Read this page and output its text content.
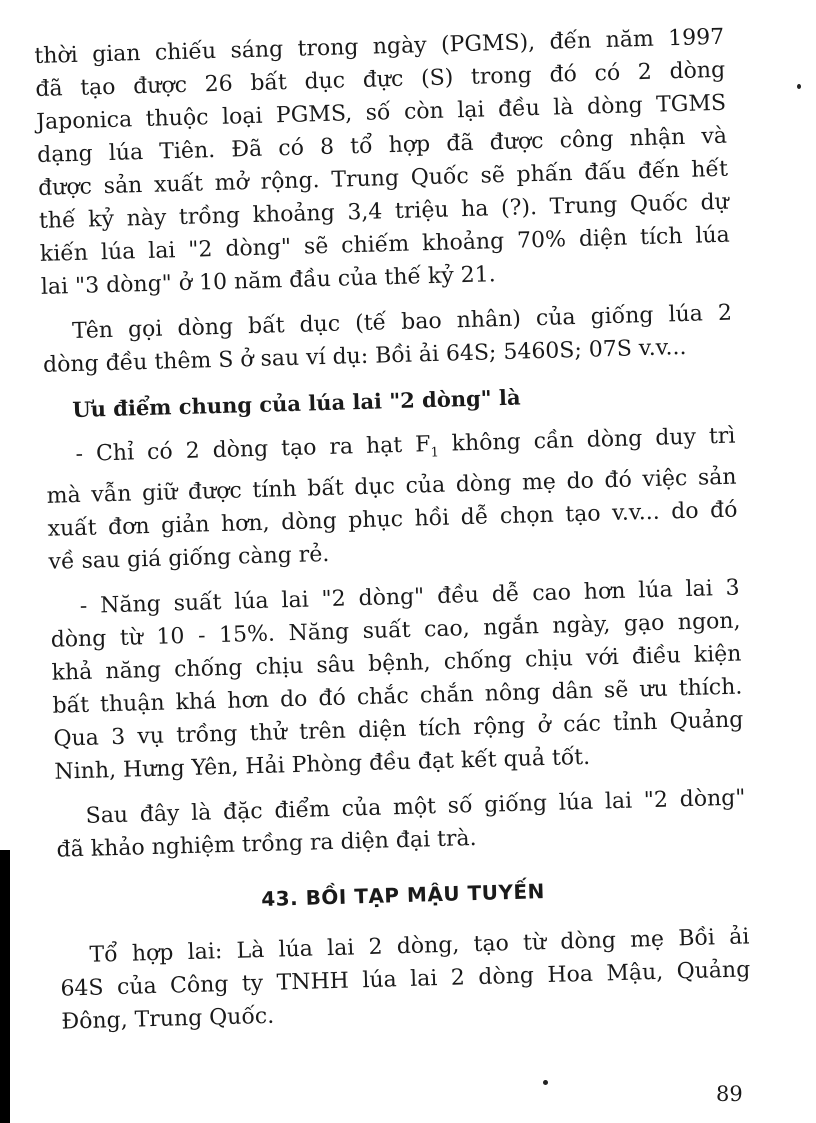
thời gian chiếu sáng trong ngày (PGMS), đến năm 1997
đã tạo được 26 bất dục đực (S) trong đó có 2 dòng
Japonica thuộc loại PGMS, số còn lại đều là dòng TGMS
dạng lúa Tiên. Đã có 8 tổ hợp đã được công nhận và
được sản xuất mở rộng. Trung Quốc sẽ phấn đấu đến hết
thế kỷ này trồng khoảng 3,4 triệu ha (?). Trung Quốc dự
kiến lúa lai "2 dòng" sẽ chiếm khoảng 70% diện tích lúa
lai "3 dòng" ở 10 năm đầu của thế kỷ 21.
Tên gọi dòng bất dục (tế bao nhân) của giống lúa 2
dòng đều thêm S ở sau ví dụ: Bồi ải 64S; 5460S; 07S v.v...
Ưu điểm chung của lúa lai "2 dòng" là
- Chỉ có 2 dòng tạo ra hạt $F_1$ không cần dòng duy trì
mà vẫn giữ được tính bất dục của dòng mẹ do đó việc sản
xuất đơn giản hơn, dòng phục hồi dễ chọn tạo v.v... do đó
về sau giá giống càng rẻ.
- Năng suất lúa lai "2 dòng" đều dễ cao hơn lúa lai 3
dòng từ 10 - 15%. Năng suất cao, ngắn ngày, gạo ngon,
khả năng chống chịu sâu bệnh, chống chịu với điều kiện
bất thuận khá hơn do đó chắc chắn nông dân sẽ ưu thích.
Qua 3 vụ trồng thử trên diện tích rộng ở các tỉnh Quảng
Ninh, Hưng Yên, Hải Phòng đều đạt kết quả tốt.
Sau đây là đặc điểm của một số giống lúa lai "2 dòng"
đã khảo nghiệm trồng ra diện đại trà.
43. BỒI TẠP MẬU TUYẾN
Tổ hợp lai: Là lúa lai 2 dòng, tạo từ dòng mẹ Bồi ải
64S của Công ty TNHH lúa lai 2 dòng Hoa Mậu, Quảng
Đông, Trung Quốc.
89
